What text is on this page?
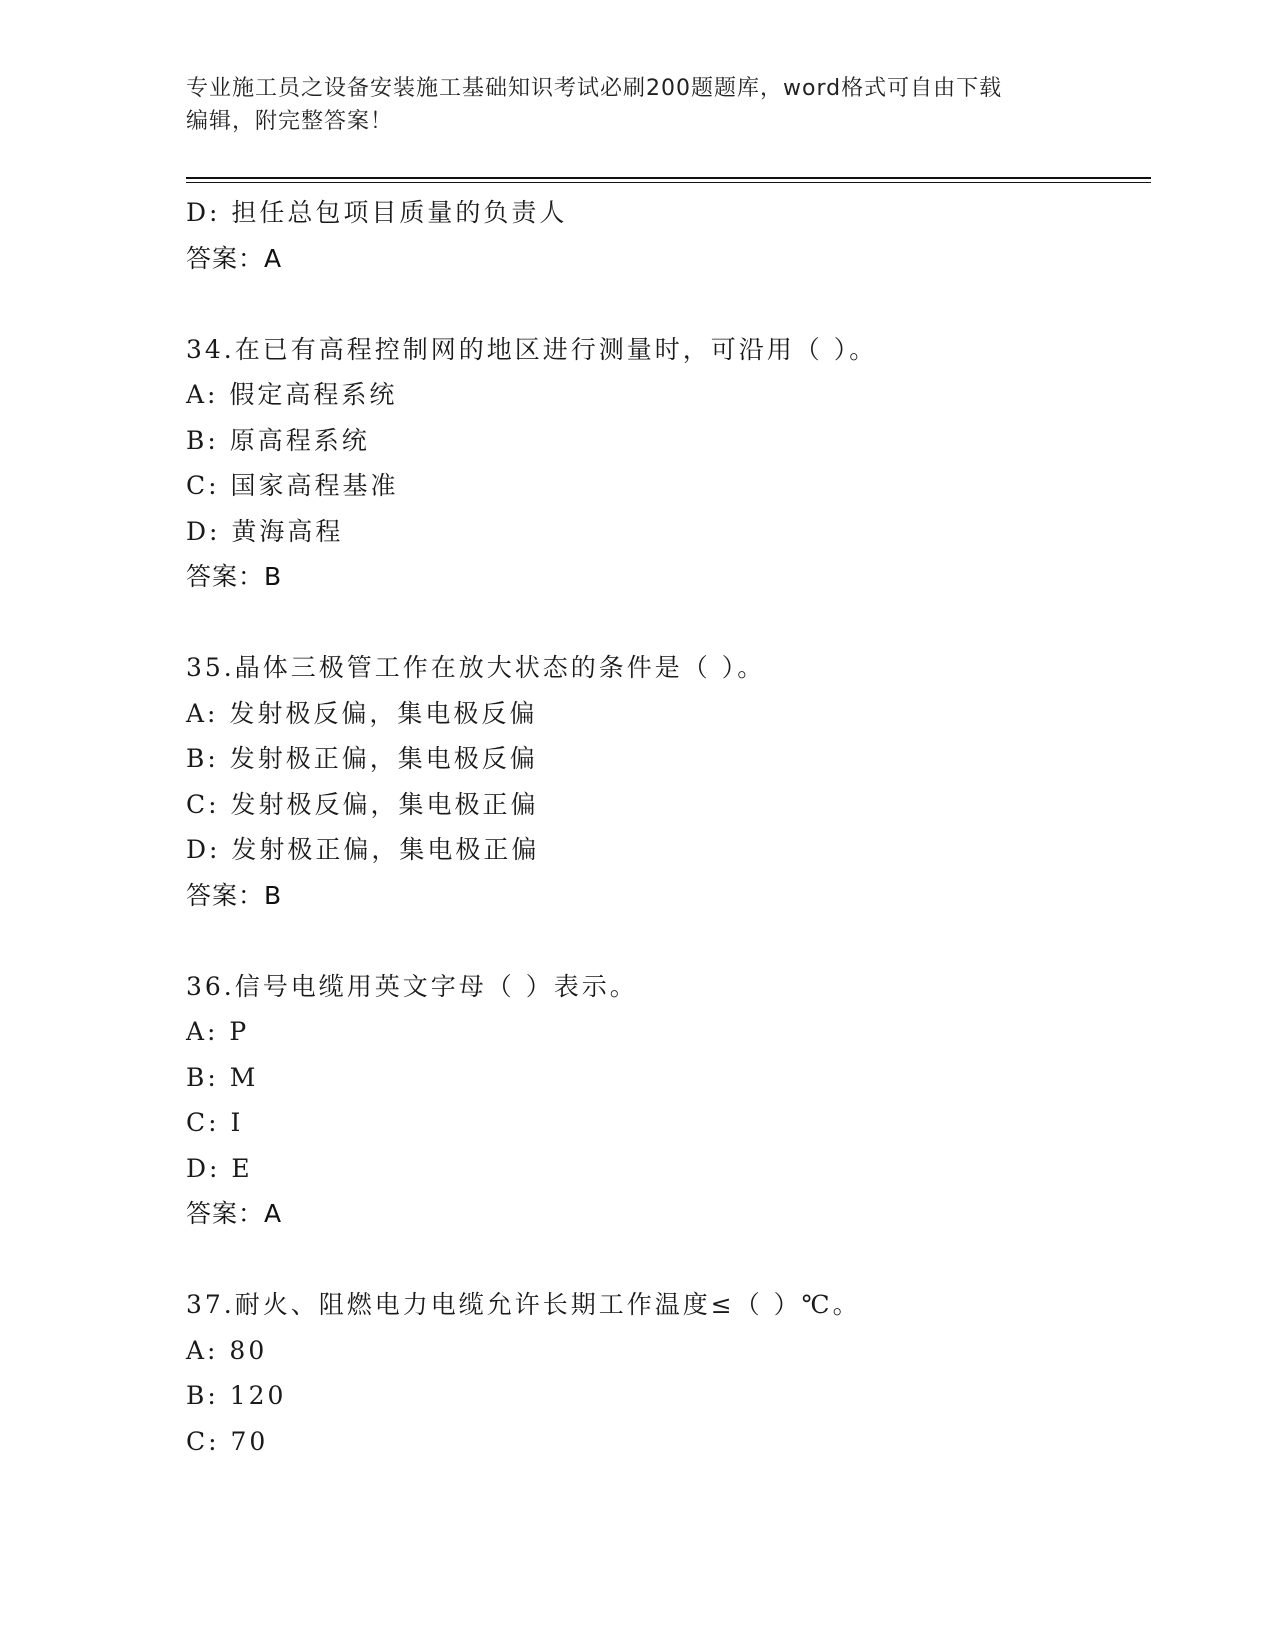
专业施工员之设备安装施工基础知识考试必刷200题题库，word格式可自由下载
编辑，附完整答案！
D: 担任总包项目质量的负责人
答案：A
34.在已有高程控制网的地区进行测量时，可沿用（ ）。
A: 假定高程系统
B: 原高程系统
C: 国家高程基准
D: 黄海高程
答案：B
35.晶体三极管工作在放大状态的条件是（ ）。
A: 发射极反偏，集电极反偏
B: 发射极正偏，集电极反偏
C: 发射极反偏，集电极正偏
D: 发射极正偏，集电极正偏
答案：B
36.信号电缆用英文字母（ ）表示。
A: P
B: M
C: I
D: E
答案：A
37.耐火、阻燃电力电缆允许长期工作温度≤（ ）℃。
A: 80
B: 120
C: 70
